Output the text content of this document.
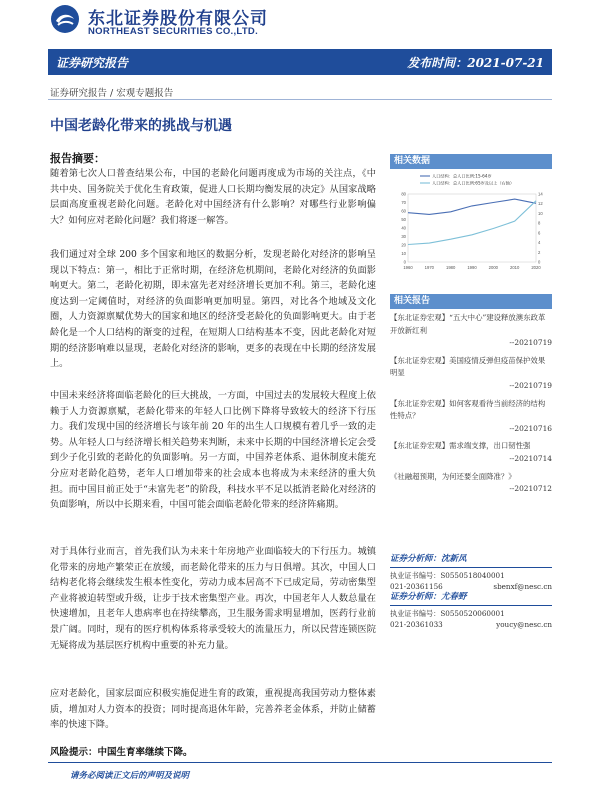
东北证券股份有限公司
NORTHEAST SECURITIES CO.,LTD.
证券研究报告	发布时间：2021-07-21
证券研究报告 / 宏观专题报告
中国老龄化带来的挑战与机遇
报告摘要：
随着第七次人口普查结果公布，中国的老龄化问题再度成为市场的关注点，《中共中央、国务院关于优化生育政策，促进人口长期均衡发展的决定》从国家战略层面高度重视老龄化问题。老龄化对中国经济有什么影响？对哪些行业影响偏大？如何应对老龄化问题？我们将逐一解答。
我们通过对全球 200 多个国家和地区的数据分析，发现老龄化对经济的影响呈现以下特点：第一，相比于正常时期，在经济危机期间，老龄化对经济的负面影响更大。第二，老龄化初期，即未富先老对经济增长更加不利。第三，老龄化速度达到一定阈值时，对经济的负面影响更加明显。第四，对比各个地域及文化圈，人力资源禀赋优势大的国家和地区的经济受老龄化的负面影响更大。由于老龄化是一个人口结构的渐变的过程，在短期人口结构基本不变，因此老龄化对短期的经济影响难以显现，老龄化对经济的影响，更多的表现在中长期的经济发展上。
中国未来经济将面临老龄化的巨大挑战，一方面，中国过去的发展较大程度上依赖于人力资源禀赋，老龄化带来的年轻人口比例下降将导致较大的经济下行压力。我们发现中国的经济增长与该年前 20 年的出生人口规模有着几乎一致的走势。从年轻人口与经济增长相关趋势来判断，未来中长期的中国经济增长定会受到少子化引致的老龄化的负面影响。另一方面，中国养老体系、退休制度未能充分应对老龄化趋势，老年人口增加带来的社会成本也将成为未来经济的重大负担。而中国目前正处于“未富先老”的阶段，科技水平不足以抵消老龄化对经济的负面影响，所以中长期来看，中国可能会面临老龄化带来的经济阵痛期。
对于具体行业而言，首先我们认为未来十年房地产业面临较大的下行压力。城镇化带来的房地产繁荣正在放缓，而老龄化带来的压力与日俱增。其次，中国人口结构老化将会继续发生根本性变化，劳动力成本居高不下已成定局，劳动密集型产业将被迫转型或升级，让步于技术密集型产业。再次，中国老年人人数总量在快速增加，且老年人患病率也在持续攀高，卫生服务需求明显增加，医药行业前景广阔。同时，现有的医疗机构体系将承受较大的流量压力，所以民营连锁医院无疑将成为基层医疗机构中重要的补充力量。
应对老龄化，国家层面应积极实施促进生育的政策，重视提高我国劳动力整体素质，增加对人力资本的投资；同时提高退休年龄，完善养老金体系，并防止储蓄率的快速下降。
风险提示：中国生育率继续下降。
请务必阅读正文后的声明及说明
相关数据
80
70
60
50
40
30
20
10
0
14
12
10
8
6
4
2
0
1960	1970	1980	1990	2000	2010	2020
人口结构：总人口比例:15-64岁
人口结构：总人口比例:65岁及以上（右轴）
相关报告
【东北证券宏观】“五大中心”建设释放澳东政革开放新红利
--20210719
【东北证券宏观】美国疫情反弹但疫苗保护效果明显
--20210719
【东北证券宏观】如何客观看待当前经济的结构性特点？
--20210716
【东北证券宏观】需求端支撑，出口韧性强
--20210714
《社融超预期，为何还要全面降准？》
--20210712
证券分析师：沈新凤
执业证书编号：S0550518040001
021-20361156	sbenxf@nesc.cn
证券分析师：尤春野
执业证书编号：S0550520060001
021-20361033	youcy@nesc.cn
